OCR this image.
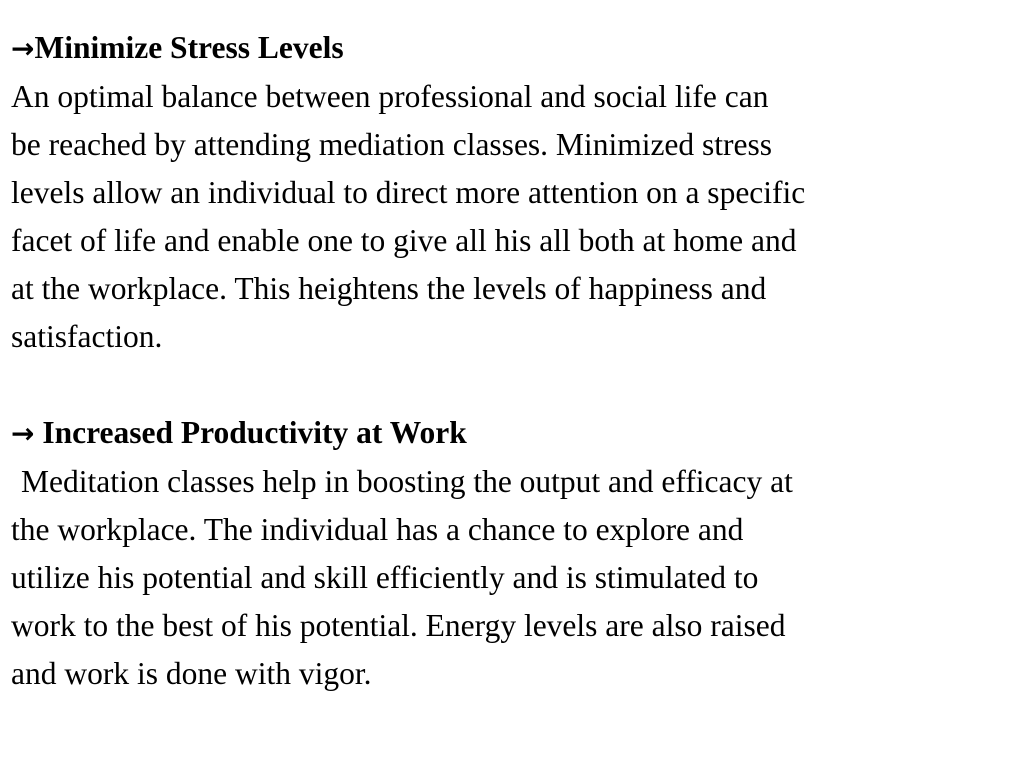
→Minimize Stress Levels
An optimal balance between professional and social life can
be reached by attending mediation classes. Minimized stress
levels allow an individual to direct more attention on a specific
facet of life and enable one to give all his all both at home and
at the workplace. This heightens the levels of happiness and
satisfaction.
→ Increased Productivity at Work
Meditation classes help in boosting the output and efficacy at
the workplace. The individual has a chance to explore and
utilize his potential and skill efficiently and is stimulated to
work to the best of his potential. Energy levels are also raised
and work is done with vigor.
